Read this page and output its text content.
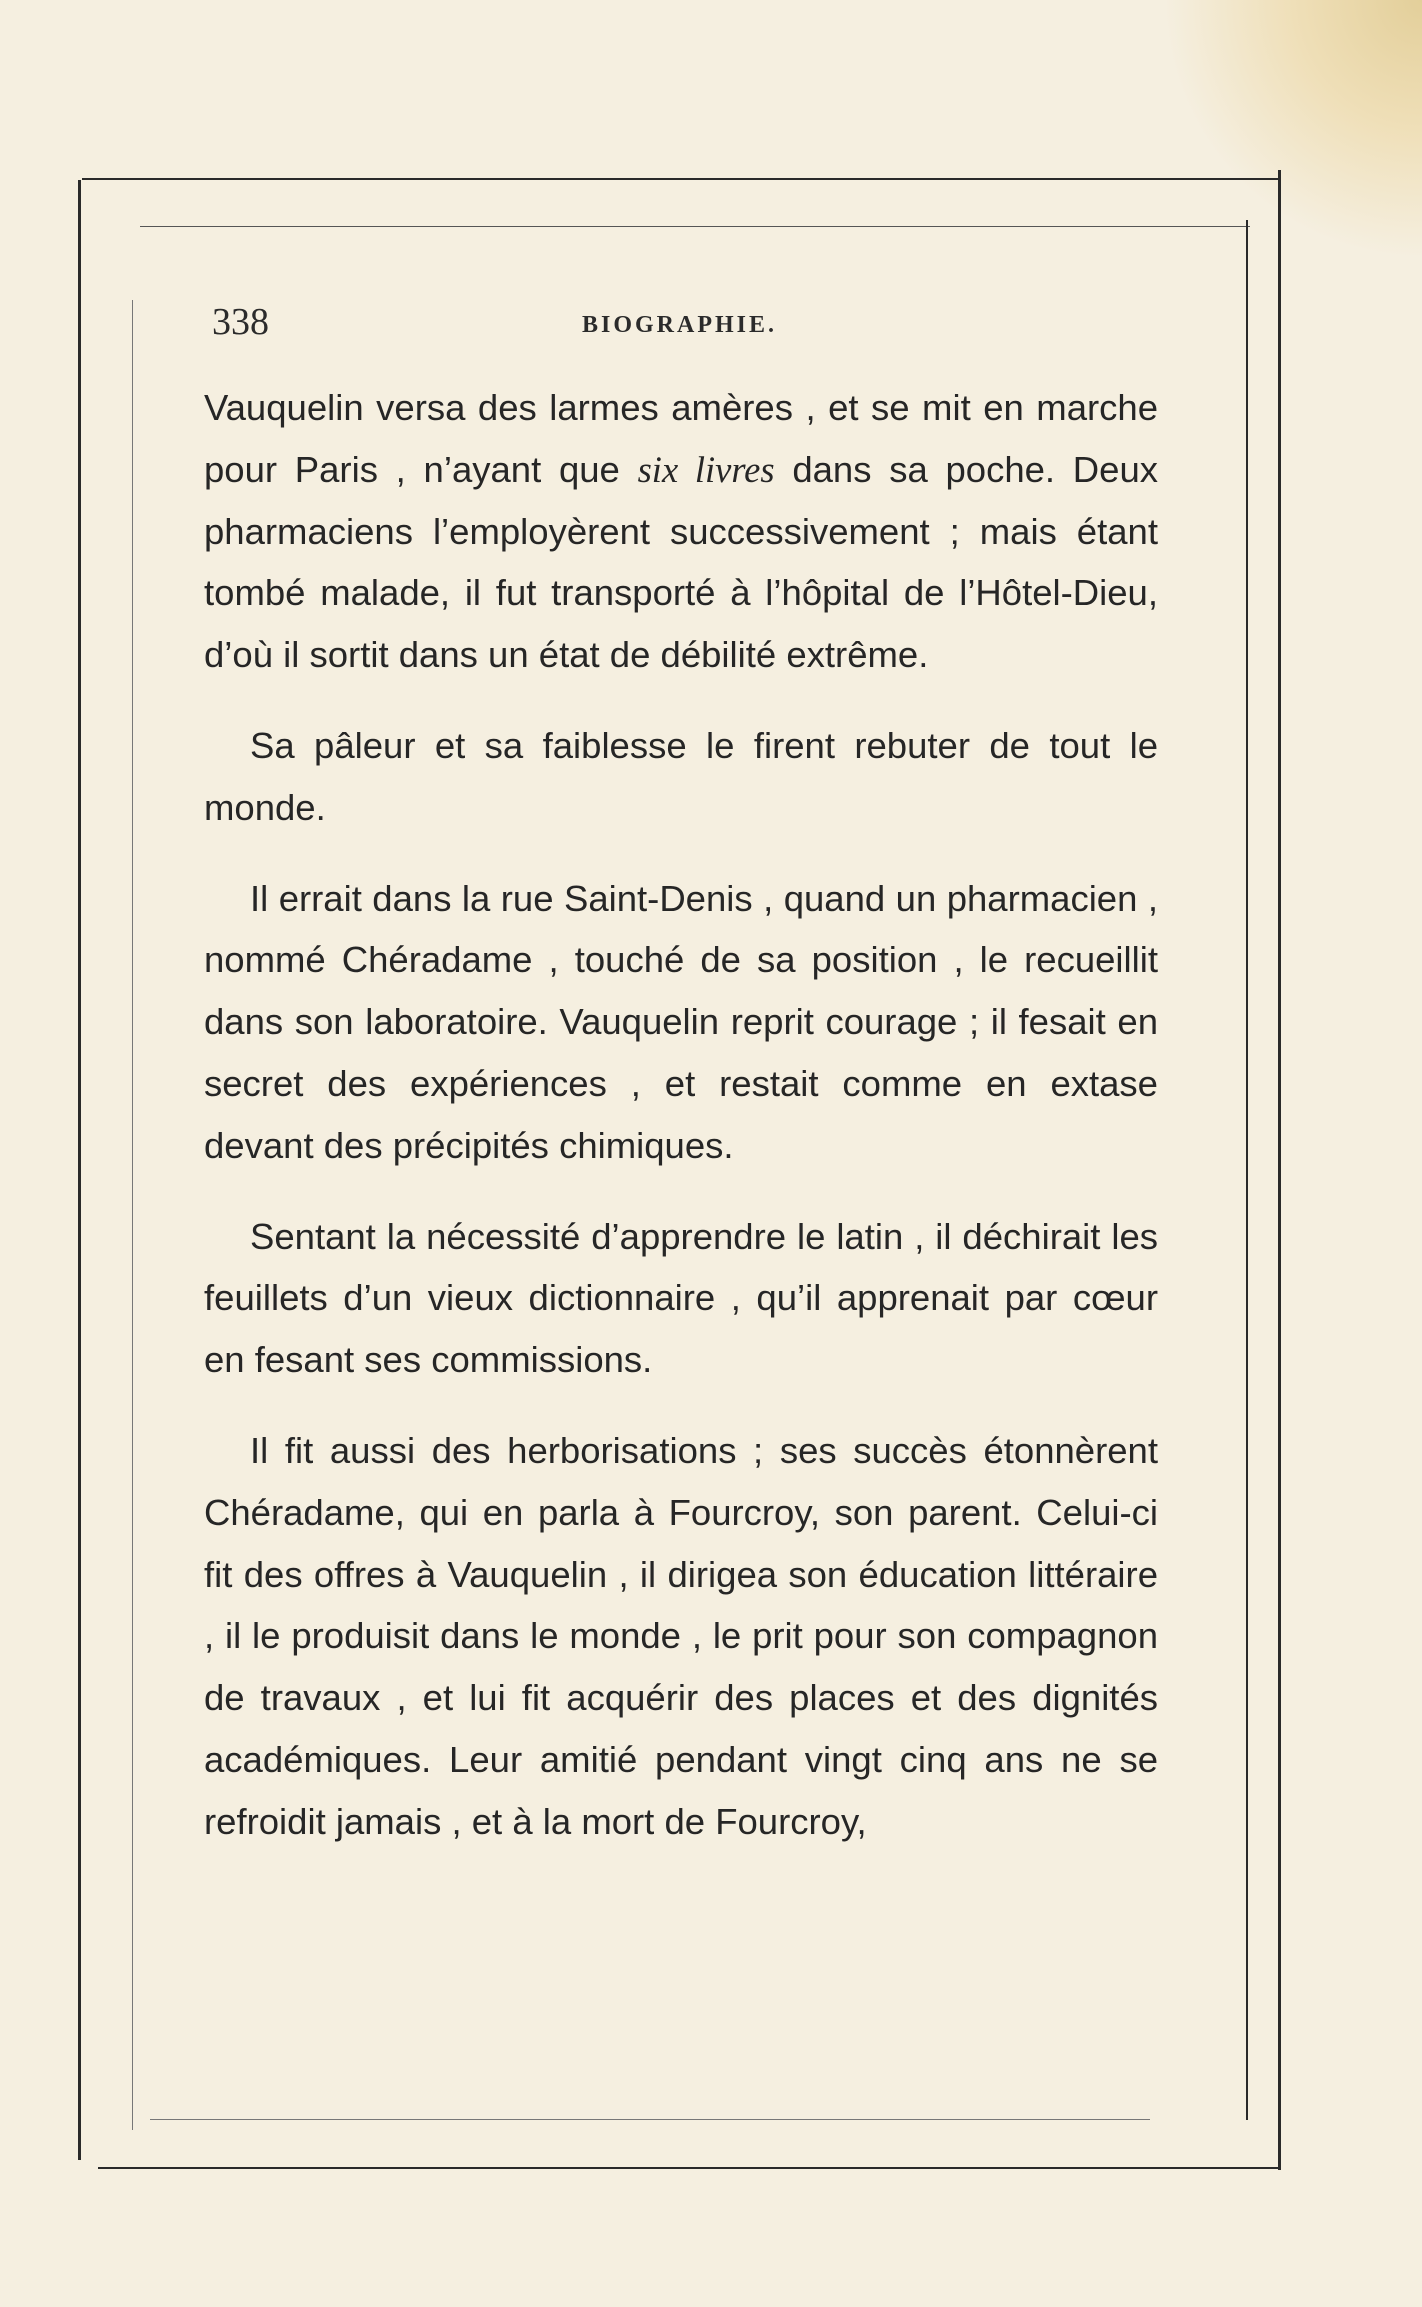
338	BIOGRAPHIE.

Vauquelin versa des larmes amères , et se mit en marche pour Paris , n’ayant que six livres dans sa poche. Deux pharmaciens l’employèrent successivement ; mais étant tombé malade, il fut transporté à l’hôpital de l’Hôtel-Dieu, d’où il sortit dans un état de débilité extrême.

Sa pâleur et sa faiblesse le firent rebuter de tout le monde.

Il errait dans la rue Saint-Denis , quand un pharmacien , nommé Chéradame , touché de sa position , le recueillit dans son laboratoire. Vauquelin reprit courage ; il fesait en secret des expériences , et restait comme en extase devant des précipités chimiques.

Sentant la nécessité d’apprendre le latin , il déchirait les feuillets d’un vieux dictionnaire , qu’il apprenait par cœur en fesant ses commissions.

Il fit aussi des herborisations ; ses succès étonnèrent Chéradame, qui en parla à Fourcroy, son parent. Celui-ci fit des offres à Vauquelin , il dirigea son éducation littéraire , il le produisit dans le monde , le prit pour son compagnon de travaux , et lui fit acquérir des places et des dignités académiques. Leur amitié pendant vingt cinq ans ne se refroidit jamais , et à la mort de Fourcroy,
